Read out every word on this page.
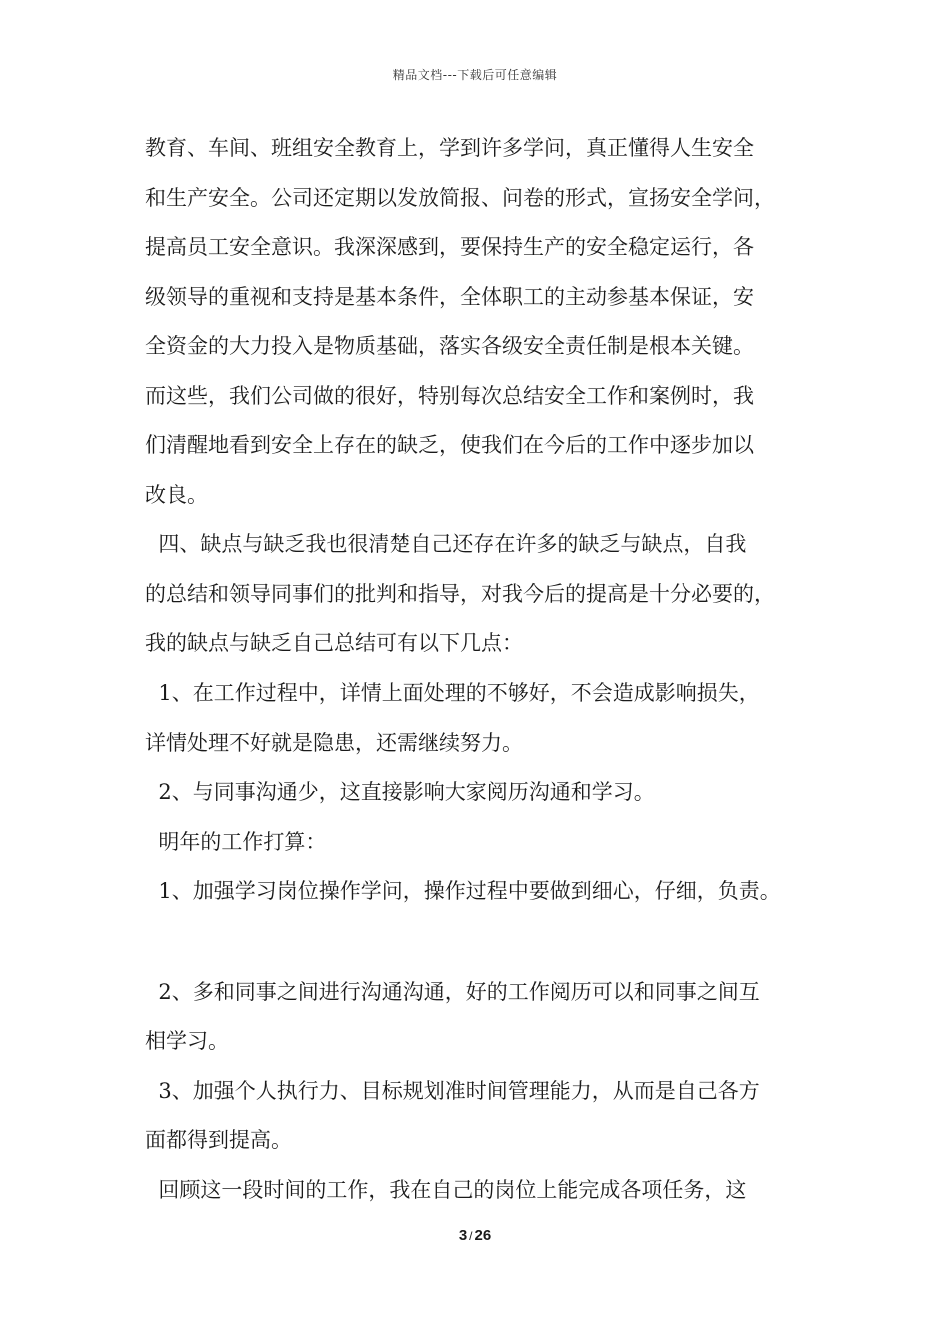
精品文档---下载后可任意编辑
教育、车间、班组安全教育上，学到许多学问，真正懂得人生安全
和生产安全。公司还定期以发放简报、问卷的形式，宣扬安全学问，
提高员工安全意识。我深深感到，要保持生产的安全稳定运行，各
级领导的重视和支持是基本条件，全体职工的主动参基本保证，安
全资金的大力投入是物质基础，落实各级安全责任制是根本关键。
而这些，我们公司做的很好，特别每次总结安全工作和案例时，我
们清醒地看到安全上存在的缺乏，使我们在今后的工作中逐步加以
改良。
四、缺点与缺乏我也很清楚自己还存在许多的缺乏与缺点，自我
的总结和领导同事们的批判和指导，对我今后的提高是十分必要的，
我的缺点与缺乏自己总结可有以下几点：
1、在工作过程中，详情上面处理的不够好，不会造成影响损失，
详情处理不好就是隐患，还需继续努力。
2、与同事沟通少，这直接影响大家阅历沟通和学习。
明年的工作打算：
1、加强学习岗位操作学问，操作过程中要做到细心，仔细，负责。
2、多和同事之间进行沟通沟通，好的工作阅历可以和同事之间互
相学习。
3、加强个人执行力、目标规划准时间管理能力，从而是自己各方
面都得到提高。
回顾这一段时间的工作，我在自己的岗位上能完成各项任务，这
3 / 26
